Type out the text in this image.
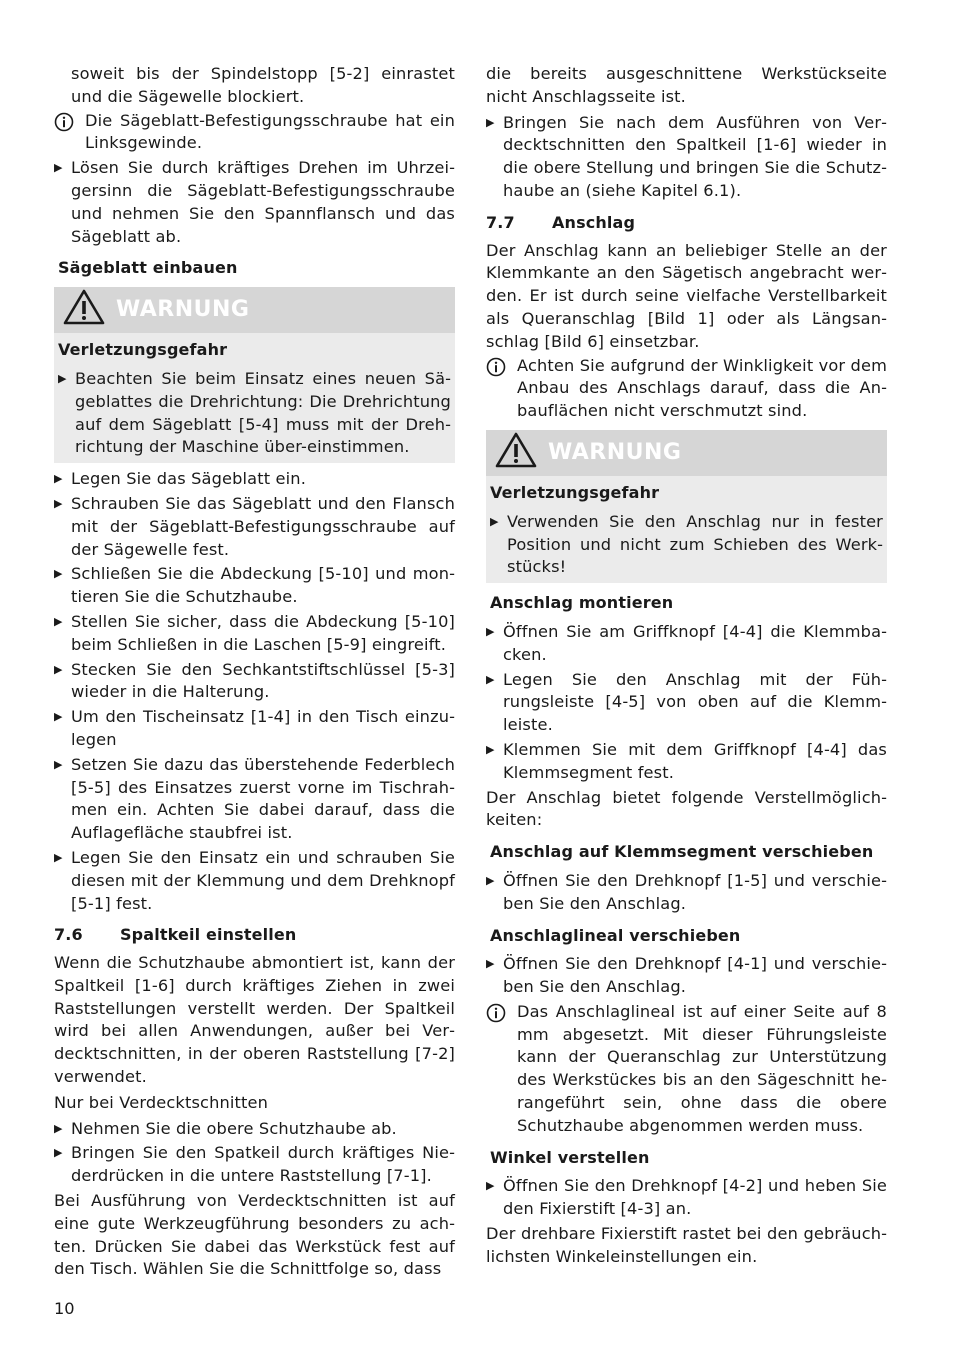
soweit bis der Spindelstopp [5-2] einrastet und die Sägewelle blockiert.

Die Sägeblatt-Befestigungsschraube hat ein Linksgewinde.
▶ Lösen Sie durch kräftiges Drehen im Uhrzeigersinn die Sägeblatt-Befestigungsschraube und nehmen Sie den Spannflansch und das Sägeblatt ab.
Sägeblatt einbauen
WARNUNG
Verletzungsgefahr
▶ Beachten Sie beim Einsatz eines neuen Sägeblattes die Drehrichtung: Die Drehrichtung auf dem Sägeblatt [5-4] muss mit der Drehrichtung der Maschine über-einstimmen.
▶ Legen Sie das Sägeblatt ein.
▶ Schrauben Sie das Sägeblatt und den Flansch mit der Sägeblatt-Befestigungsschraube auf der Sägewelle fest.
▶ Schließen Sie die Abdeckung [5-10] und montieren Sie die Schutzhaube.
▶ Stellen Sie sicher, dass die Abdeckung [5-10] beim Schließen in die Laschen [5-9] eingreift.
▶ Stecken Sie den Sechkantstiftschlüssel [5-3] wieder in die Halterung.
▶ Um den Tischeinsatz [1-4] in den Tisch einzulegen
▶ Setzen Sie dazu das überstehende Federblech [5-5] des Einsatzes zuerst vorne im Tischrahmen ein. Achten Sie dabei darauf, dass die Auflagefläche staubfrei ist.
▶ Legen Sie den Einsatz ein und schrauben Sie diesen mit der Klemmung und dem Drehknopf [5-1] fest.
7.6	Spaltkeil einstellen

Wenn die Schutzhaube abmontiert ist, kann der Spaltkeil [1-6] durch kräftiges Ziehen in zwei Raststellungen verstellt werden. Der Spaltkeil wird bei allen Anwendungen, außer bei Verdecktschnitten, in der oberen Raststellung [7-2] verwendet.

Nur bei Verdecktschnitten

▶ Nehmen Sie die obere Schutzhaube ab.
▶ Bringen Sie den Spatkeil durch kräftiges Niederdrücken in die untere Raststellung [7-1].

Bei Ausführung von Verdecktschnitten ist auf eine gute Werkzeugführung besonders zu achten. Drücken Sie dabei das Werkstück fest auf den Tisch. Wählen Sie die Schnittfolge so, dass

die bereits ausgeschnittene Werkstückseite nicht Anschlagsseite ist.

▶ Bringen Sie nach dem Ausführen von Verdecktschnitten den Spaltkeil [1-6] wieder in die obere Stellung und bringen Sie die Schutzhaube an (siehe Kapitel 6.1).
7.7	Anschlag

Der Anschlag kann an beliebiger Stelle an der Klemmkante an den Sägetisch angebracht werden. Er ist durch seine vielfache Verstellbarkeit als Queranschlag [Bild 1] oder als Längsanschlag [Bild 6] einsetzbar.

Achten Sie aufgrund der Winkligkeit vor dem Anbau des Anschlags darauf, dass die Anbauflächen nicht verschmutzt sind.
WARNUNG
Verletzungsgefahr
▶ Verwenden Sie den Anschlag nur in fester Position und nicht zum Schieben des Werkstücks!
Anschlag montieren
▶ Öffnen Sie am Griffknopf [4-4] die Klemmbacken.
▶ Legen Sie den Anschlag mit der Führungsleiste [4-5] von oben auf die Klemmleiste.
▶ Klemmen Sie mit dem Griffknopf [4-4] das Klemmsegment fest.

Der Anschlag bietet folgende Verstellmöglichkeiten:

Anschlag auf Klemmsegment verschieben
▶ Öffnen Sie den Drehknopf [1-5] und verschieben Sie den Anschlag.
Anschlaglineal verschieben
▶ Öffnen Sie den Drehknopf [4-1] und verschieben Sie den Anschlag.
Das Anschlaglineal ist auf einer Seite auf 8 mm abgesetzt. Mit dieser Führungsleiste kann der Queranschlag zur Unterstützung des Werkstückes bis an den Sägeschnitt herangeführt sein, ohne dass die obere Schutzhaube abgenommen werden muss.
Winkel verstellen
▶ Öffnen Sie den Drehknopf [4-2] und heben Sie den Fixierstift [4-3] an.

Der drehbare Fixierstift rastet bei den gebräuchlichsten Winkeleinstellungen ein.

10
